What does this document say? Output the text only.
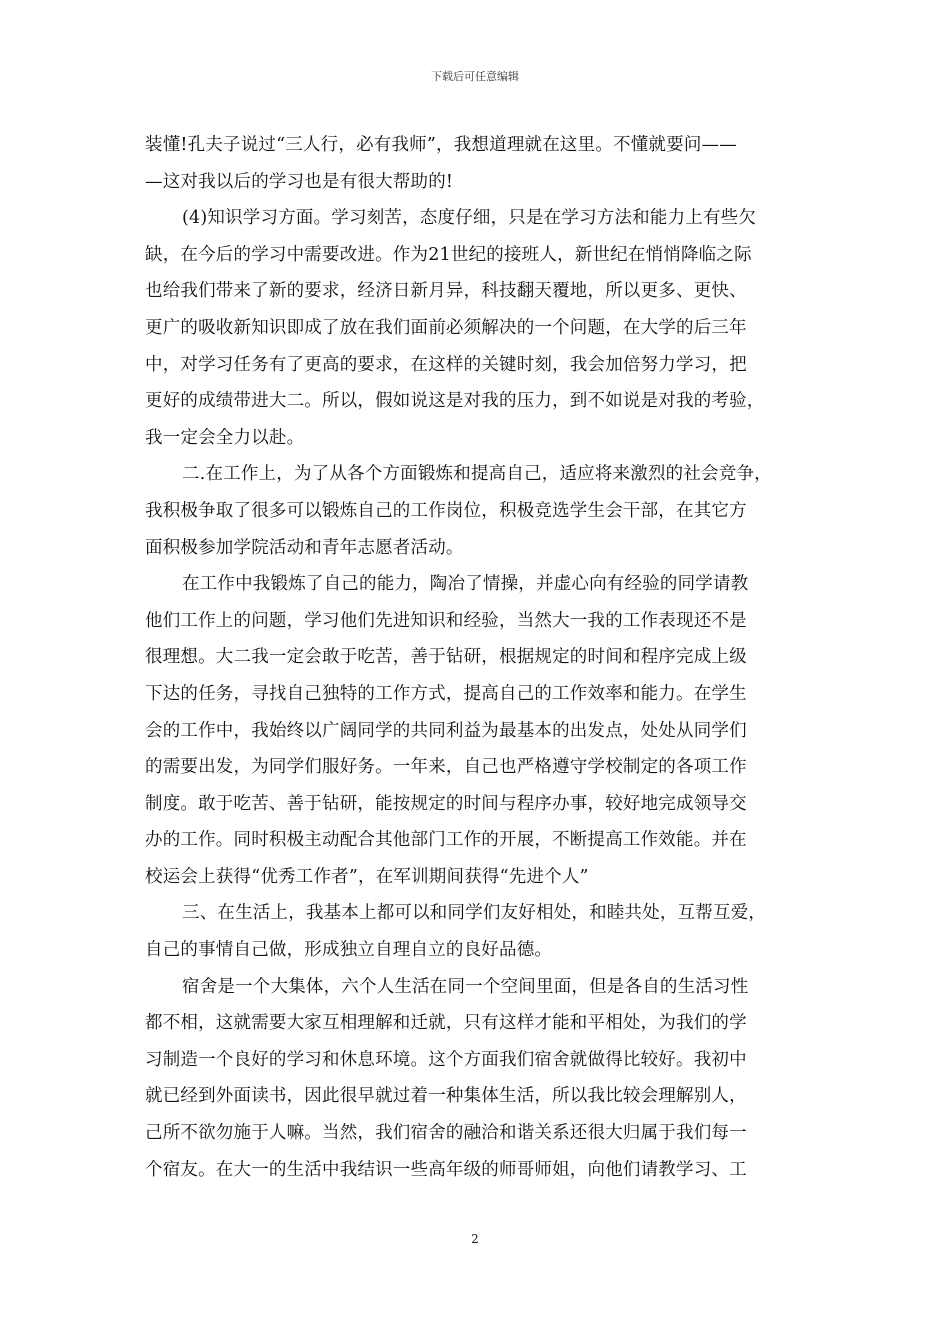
下载后可任意编辑
装懂!孔夫子说过“三人行，必有我师”，我想道理就在这里。不懂就要问——
—这对我以后的学习也是有很大帮助的!
(4)知识学习方面。学习刻苦，态度仔细，只是在学习方法和能力上有些欠
缺，在今后的学习中需要改进。作为21世纪的接班人，新世纪在悄悄降临之际
也给我们带来了新的要求，经济日新月异，科技翻天覆地，所以更多、更快、
更广的吸收新知识即成了放在我们面前必须解决的一个问题，在大学的后三年
中，对学习任务有了更高的要求，在这样的关键时刻，我会加倍努力学习，把
更好的成绩带进大二。所以，假如说这是对我的压力，到不如说是对我的考验，
我一定会全力以赴。
二.在工作上，为了从各个方面锻炼和提高自己，适应将来激烈的社会竞争，
我积极争取了很多可以锻炼自己的工作岗位，积极竞选学生会干部，在其它方
面积极参加学院活动和青年志愿者活动。
在工作中我锻炼了自己的能力，陶冶了情操，并虚心向有经验的同学请教
他们工作上的问题，学习他们先进知识和经验，当然大一我的工作表现还不是
很理想。大二我一定会敢于吃苦，善于钻研，根据规定的时间和程序完成上级
下达的任务，寻找自己独特的工作方式，提高自己的工作效率和能力。在学生
会的工作中，我始终以广阔同学的共同利益为最基本的出发点，处处从同学们
的需要出发，为同学们服好务。一年来，自己也严格遵守学校制定的各项工作
制度。敢于吃苦、善于钻研，能按规定的时间与程序办事，较好地完成领导交
办的工作。同时积极主动配合其他部门工作的开展，不断提高工作效能。并在
校运会上获得“优秀工作者”，在军训期间获得“先进个人”
三、在生活上，我基本上都可以和同学们友好相处，和睦共处，互帮互爱，
自己的事情自己做，形成独立自理自立的良好品德。
宿舍是一个大集体，六个人生活在同一个空间里面，但是各自的生活习性
都不相，这就需要大家互相理解和迁就，只有这样才能和平相处，为我们的学
习制造一个良好的学习和休息环境。这个方面我们宿舍就做得比较好。我初中
就已经到外面读书，因此很早就过着一种集体生活，所以我比较会理解别人，
己所不欲勿施于人嘛。当然，我们宿舍的融洽和谐关系还很大归属于我们每一
个宿友。在大一的生活中我结识一些高年级的师哥师姐，向他们请教学习、工
2
